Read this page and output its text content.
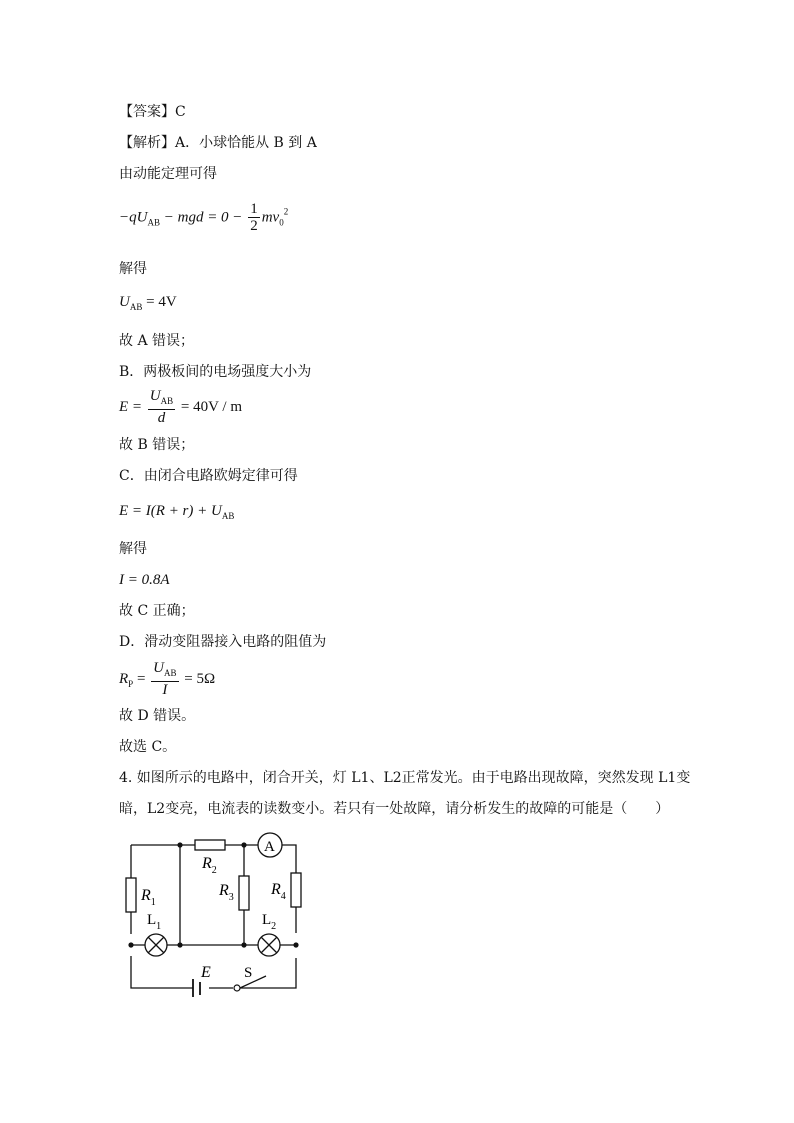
【答案】C
【解析】A．小球恰能从 B 到 A
由动能定理可得
$-qU_{AB}$ − mgd = $0 - \frac{1}{2} mv_0^2$
解得
$U_{AB} = 4V$
故 A 错误；
B．两极板间的电场强度大小为
$E = \frac{U_{AB}}{d} = 40V / m$
故 B 错误；
C．由闭合电路欧姆定律可得
$E = I(R + r) + U_{AB}$
解得
I = 0.8A
故 C 正确；
D．滑动变阻器接入电路的阻值为
$R_P = \frac{U_{AB}}{I} = 5\Omega$
故 D 错误。
故选 C。
4. 如图所示的电路中，闭合开关，灯 L1、L2正常发光。由于电路出现故障，突然发现 L1变
暗，L2变亮，电流表的读数变小。若只有一处故障，请分析发生的故障的可能是（　　）
A
$R_1$
$L_1$
$R_2$
$R_3$ $R_4$
$L_2$
E S
